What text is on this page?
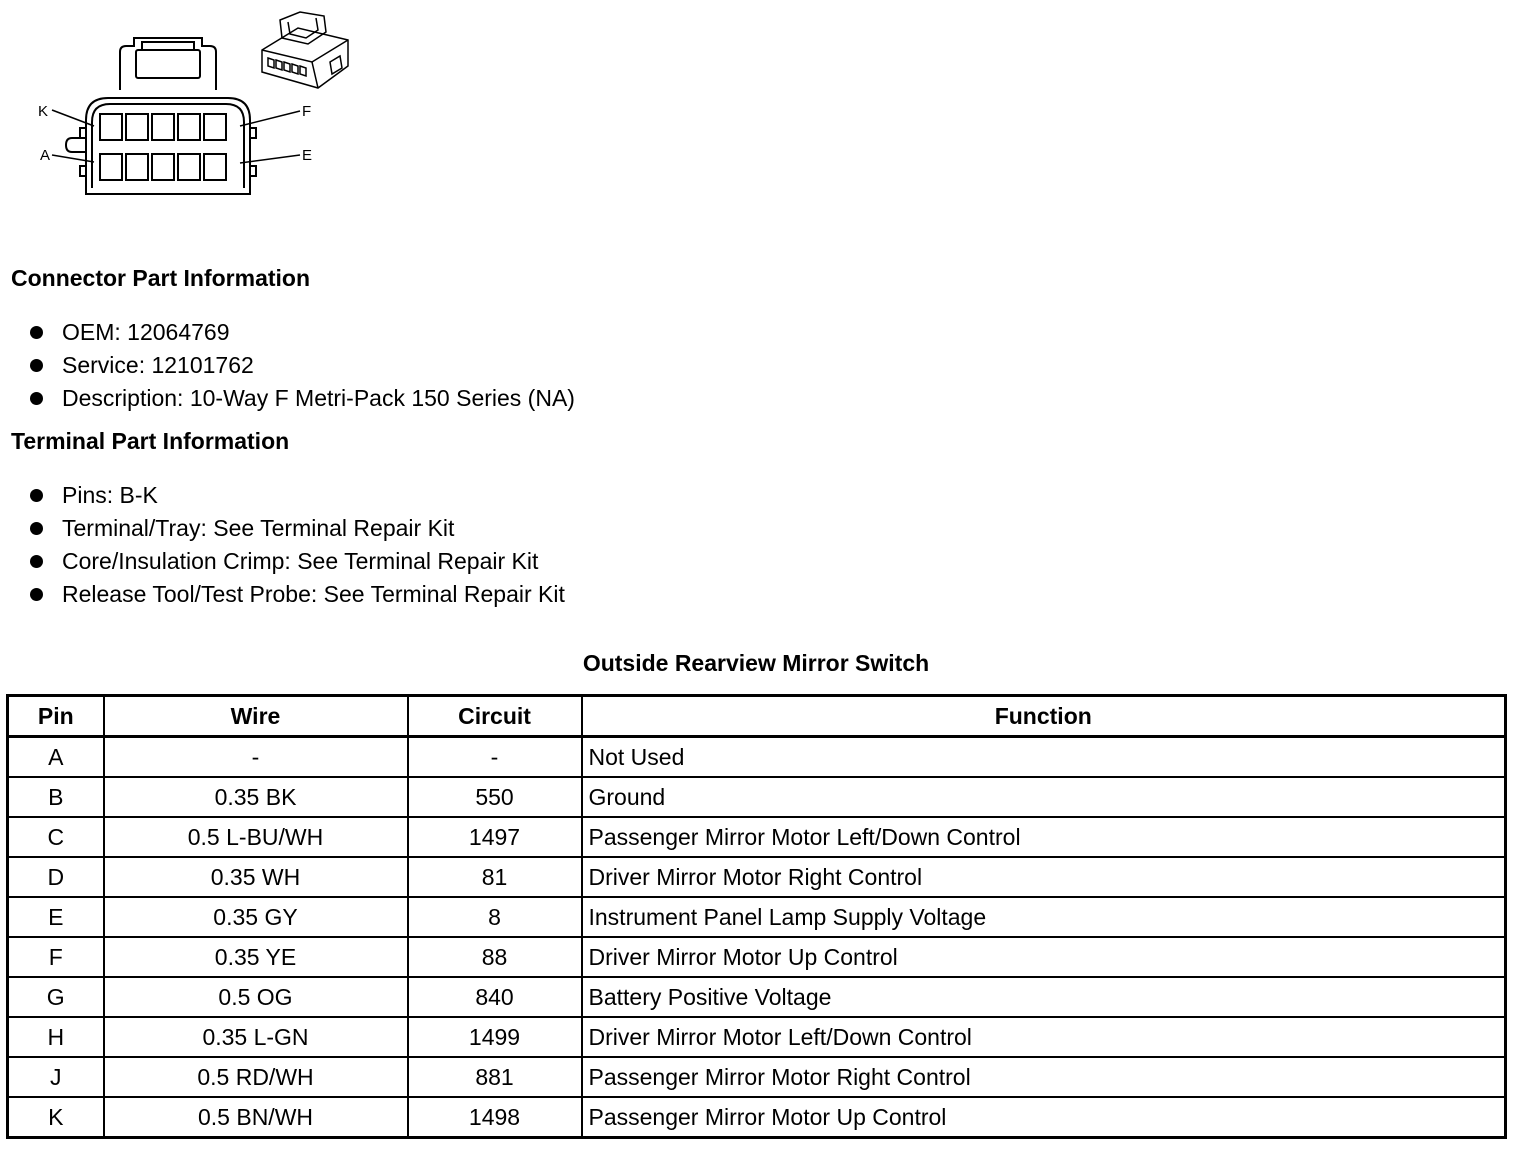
K
A
F
E
Connector Part Information
OEM: 12064769
Service: 12101762
Description: 10-Way F Metri-Pack 150 Series (NA)
Terminal Part Information
Pins: B-K
Terminal/Tray: See Terminal Repair Kit
Core/Insulation Crimp: See Terminal Repair Kit
Release Tool/Test Probe: See Terminal Repair Kit
Outside Rearview Mirror Switch
Pin	Wire	Circuit	Function
A	-	-	Not Used
B	0.35 BK	550	Ground
C	0.5 L-BU/WH	1497	Passenger Mirror Motor Left/Down Control
D	0.35 WH	81	Driver Mirror Motor Right Control
E	0.35 GY	8	Instrument Panel Lamp Supply Voltage
F	0.35 YE	88	Driver Mirror Motor Up Control
G	0.5 OG	840	Battery Positive Voltage
H	0.35 L-GN	1499	Driver Mirror Motor Left/Down Control
J	0.5 RD/WH	881	Passenger Mirror Motor Right Control
K	0.5 BN/WH	1498	Passenger Mirror Motor Up Control
